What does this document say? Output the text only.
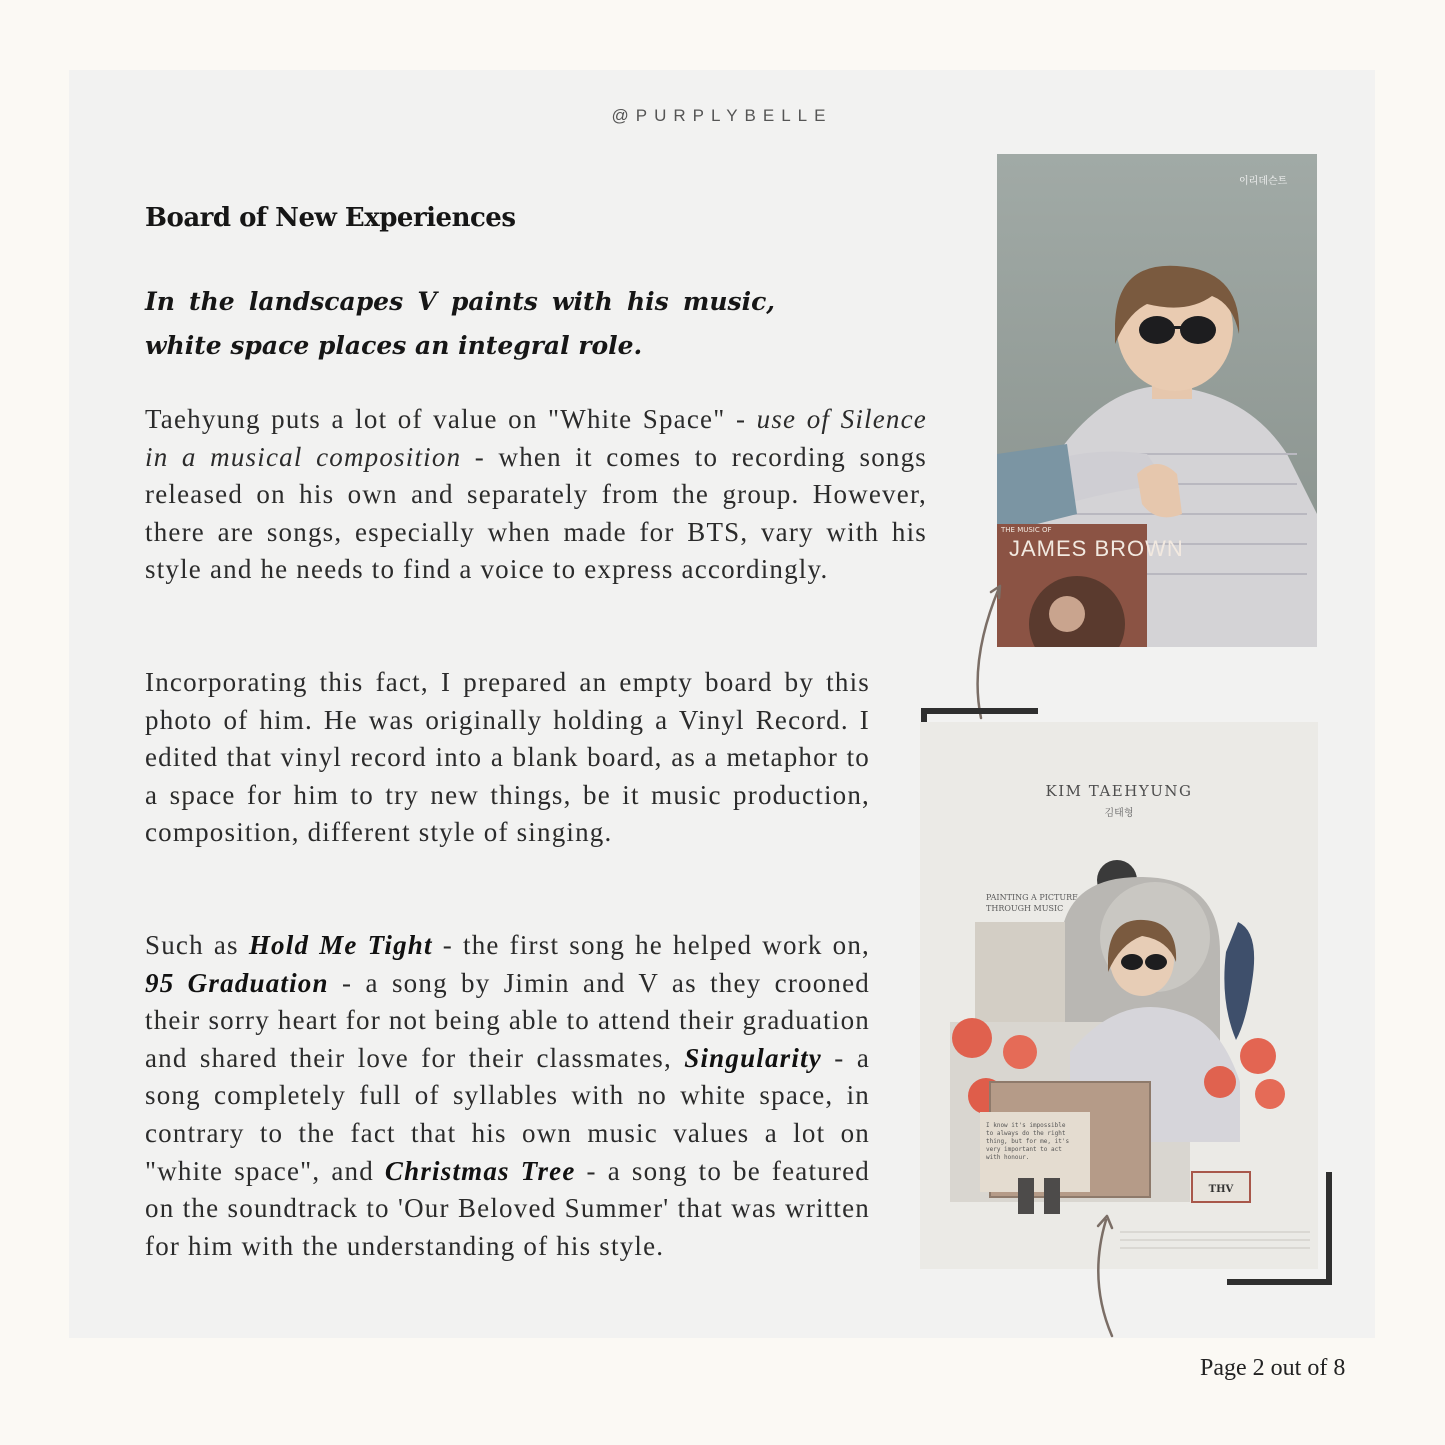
@PURPLYBELLE
Board of New Experiences
In the landscapes V paints with his music,
white space places an integral role.

Taehyung puts a lot of value on "White Space" - use of Silence in a musical composition - when it comes to recording songs released on his own and separately from the group. However, there are songs, especially when made for BTS, vary with his style and he needs to find a voice to express accordingly.

Incorporating this fact, I prepared an empty board by this photo of him. He was originally holding a Vinyl Record. I edited that vinyl record into a blank board, as a metaphor to a space for him to try new things, be it music production, composition, different style of singing.

Such as Hold Me Tight - the first song he helped work on, 95 Graduation - a song by Jimin and V as they crooned their sorry heart for not being able to attend their graduation and shared their love for their classmates, Singularity - a song completely full of syllables with no white space, in contrary to the fact that his own music values a lot on "white space", and Christmas Tree - a song to be featured on the soundtrack to 'Our Beloved Summer' that was written for him with the understanding of his style.

THE MUSIC OF
JAMES BROWN
이리데슨트
KIM TAEHYUNG
김태형
PAINTING A PICTURE
THROUGH MUSIC
I know it's impossible to always do the right thing, but for me, it's very important to act with honour.
THV
Page 2 out of 8
